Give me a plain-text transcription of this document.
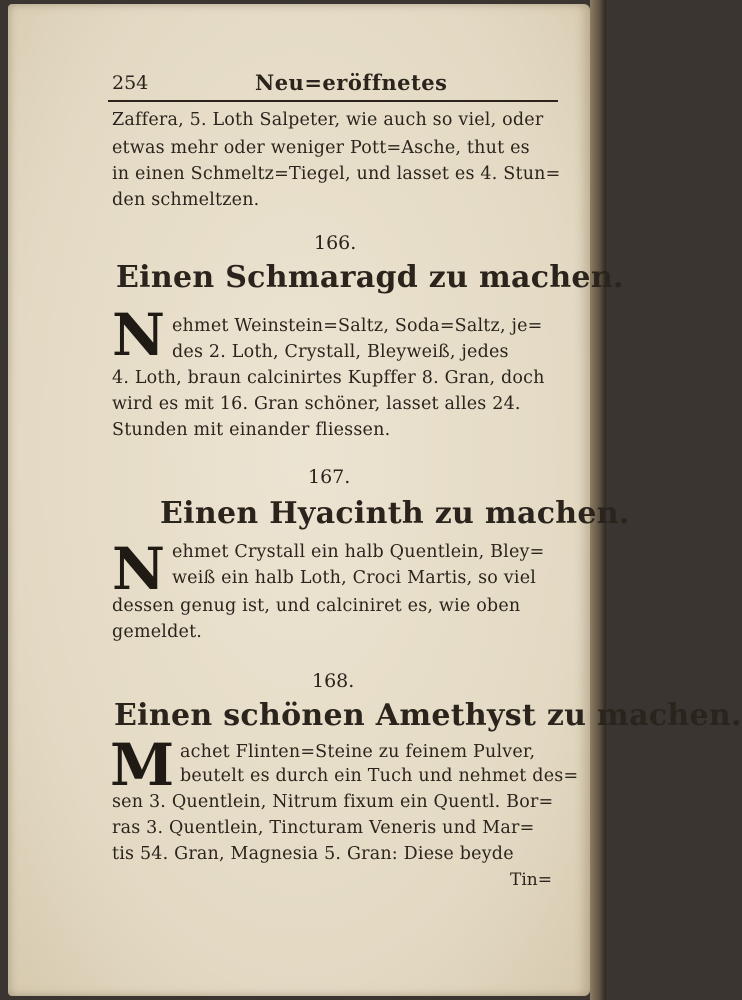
254	Neu=eröffnetes
Zaffera, 5. Loth Salpeter, wie auch so viel, oder
etwas mehr oder weniger Pott=Asche, thut es
in einen Schmeltz=Tiegel, und lasset es 4. Stun=
den schmeltzen.
166.
Einen Schmaragd zu machen.
N ehmet Weinstein=Saltz, Soda=Saltz, je=
des 2. Loth, Crystall, Bleyweiß, jedes
4. Loth, braun calcinirtes Kupffer 8. Gran, doch
wird es mit 16. Gran schöner, lasset alles 24.
Stunden mit einander fliessen.
167.
Einen Hyacinth zu machen.
N ehmet Crystall ein halb Quentlein, Bley=
weiß ein halb Loth, Croci Martis, so viel
dessen genug ist, und calciniret es, wie oben
gemeldet.
168.
Einen schönen Amethyst zu machen.
M achet Flinten=Steine zu feinem Pulver,
beutelt es durch ein Tuch und nehmet des=
sen 3. Quentlein, Nitrum fixum ein Quentl. Bor=
ras 3. Quentlein, Tincturam Veneris und Mar=
tis 54. Gran, Magnesia 5. Gran: Diese beyde
Tin=
